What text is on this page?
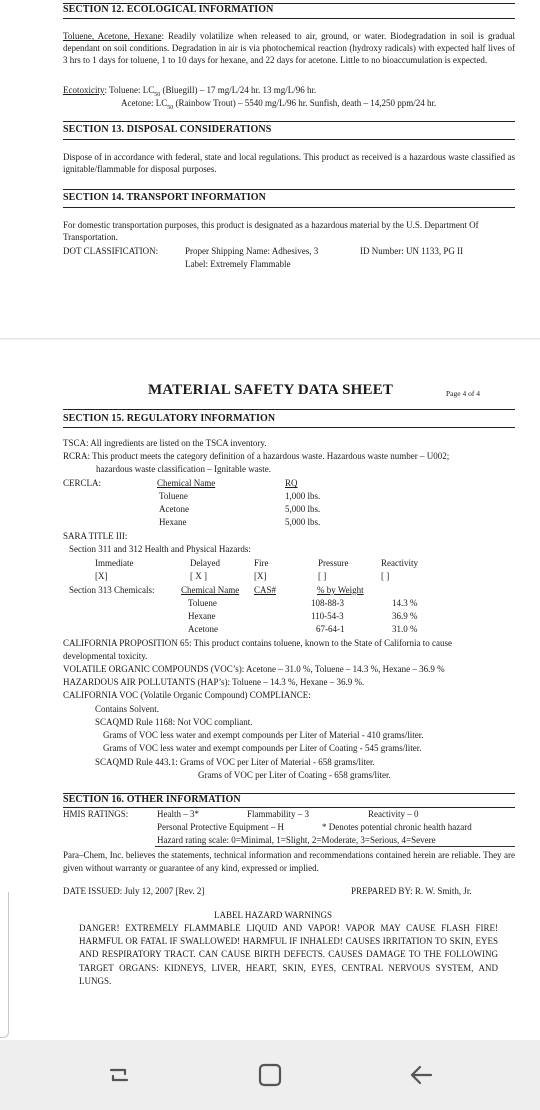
SECTION 12. ECOLOGICAL INFORMATION
Toluene, Acetone, Hexane: Readily volatilize when released to air, ground, or water. Biodegradation in soil is gradual dependant on soil conditions. Degradation in air is via photochemical reaction (hydroxy radicals) with expected half lives of 3 hrs to 1 days for toluene, 1 to 10 days for hexane, and 22 days for acetone. Little to no bioaccumulation is expected.
Ecotoxicity: Toluene: $LC_{50}$ (Bluegill) – 17 mg/L/24 hr. 13 mg/L/96 hr.
Acetone: $LC_{50}$ (Rainbow Trout) – 5540 mg/L/96 hr. Sunfish, death – 14,250 ppm/24 hr.
SECTION 13. DISPOSAL CONSIDERATIONS
Dispose of in accordance with federal, state and local regulations. This product as received is a hazardous waste classified as ignitable/flammable for disposal purposes.
SECTION 14. TRANSPORT INFORMATION
For domestic transportation purposes, this product is designated as a hazardous material by the U.S. Department Of Transportation.
DOT CLASSIFICATION:	Proper Shipping Name: Adhesives, 3
Label: Extremely Flammable
ID Number: UN 1133, PG II
MATERIAL SAFETY DATA SHEET	Page 4 of 4
SECTION 15. REGULATORY INFORMATION
TSCA: All ingredients are listed on the TSCA inventory.
RCRA: This product meets the category definition of a hazardous waste. Hazardous waste number – U002;
hazardous waste classification – Ignitable waste.
CERCLA:	Chemical Name	RQ
Toluene	1,000 lbs.
Acetone	5,000 lbs.
Hexane	5,000 lbs.
SARA TITLE III:
Section 311 and 312 Health and Physical Hazards:
Immediate	Delayed	Fire	Pressure	Reactivity
[X]	[ X ]	[X]	[ ]	[ ]
Section 313 Chemicals:	Chemical Name CAS#	% by Weight
Toluene	108-88-3	14.3 %
Hexane	110-54-3	36.9 %
Acetone	67-64-1	31.0 %
CALIFORNIA PROPOSITION 65: This product contains toluene, known to the State of California to cause
developmental toxicity.
VOLATILE ORGANIC COMPOUNDS (VOC’s): Acetone – 31.0 %, Toluene – 14.3 %, Hexane – 36.9 %
HAZARDOUS AIR POLLUTANTS (HAP’s): Toluene – 14.3 %, Hexane – 36.9 %.
CALIFORNIA VOC (Volatile Organic Compound) COMPLIANCE:
Contains Solvent.
SCAQMD Rule 1168: Not VOC compliant.
Grams of VOC less water and exempt compounds per Liter of Material - 410 grams/liter.
Grams of VOC less water and exempt compounds per Liter of Coating - 545 grams/liter.
SCAQMD Rule 443.1: Grams of VOC per Liter of Material - 658 grams/liter.
Grams of VOC per Liter of Coating - 658 grams/liter.
SECTION 16. OTHER INFORMATION
HMIS RATINGS:	Health – 3*	Flammability – 3	Reactivity – 0
Personal Protective Equipment – H	* Denotes potential chronic health hazard
Hazard rating scale: 0=Minimal, 1=Slight, 2=Moderate, 3=Serious, 4=Severe
Para–Chem, Inc. believes the statements, technical information and recommendations contained herein are reliable. They are given without warranty or guarantee of any kind, expressed or implied.
DATE ISSUED: July 12, 2007 [Rev. 2]	PREPARED BY: R. W. Smith, Jr.
LABEL HAZARD WARNINGS
DANGER! EXTREMELY FLAMMABLE LIQUID AND VAPOR! VAPOR MAY CAUSE FLASH FIRE! HARMFUL OR FATAL IF SWALLOWED! HARMFUL IF INHALED! CAUSES IRRITATION TO SKIN, EYES AND RESPIRATORY TRACT. CAN CAUSE BIRTH DEFECTS. CAUSES DAMAGE TO THE FOLLOWING TARGET ORGANS: KIDNEYS, LIVER, HEART, SKIN, EYES, CENTRAL NERVOUS SYSTEM, AND LUNGS.
